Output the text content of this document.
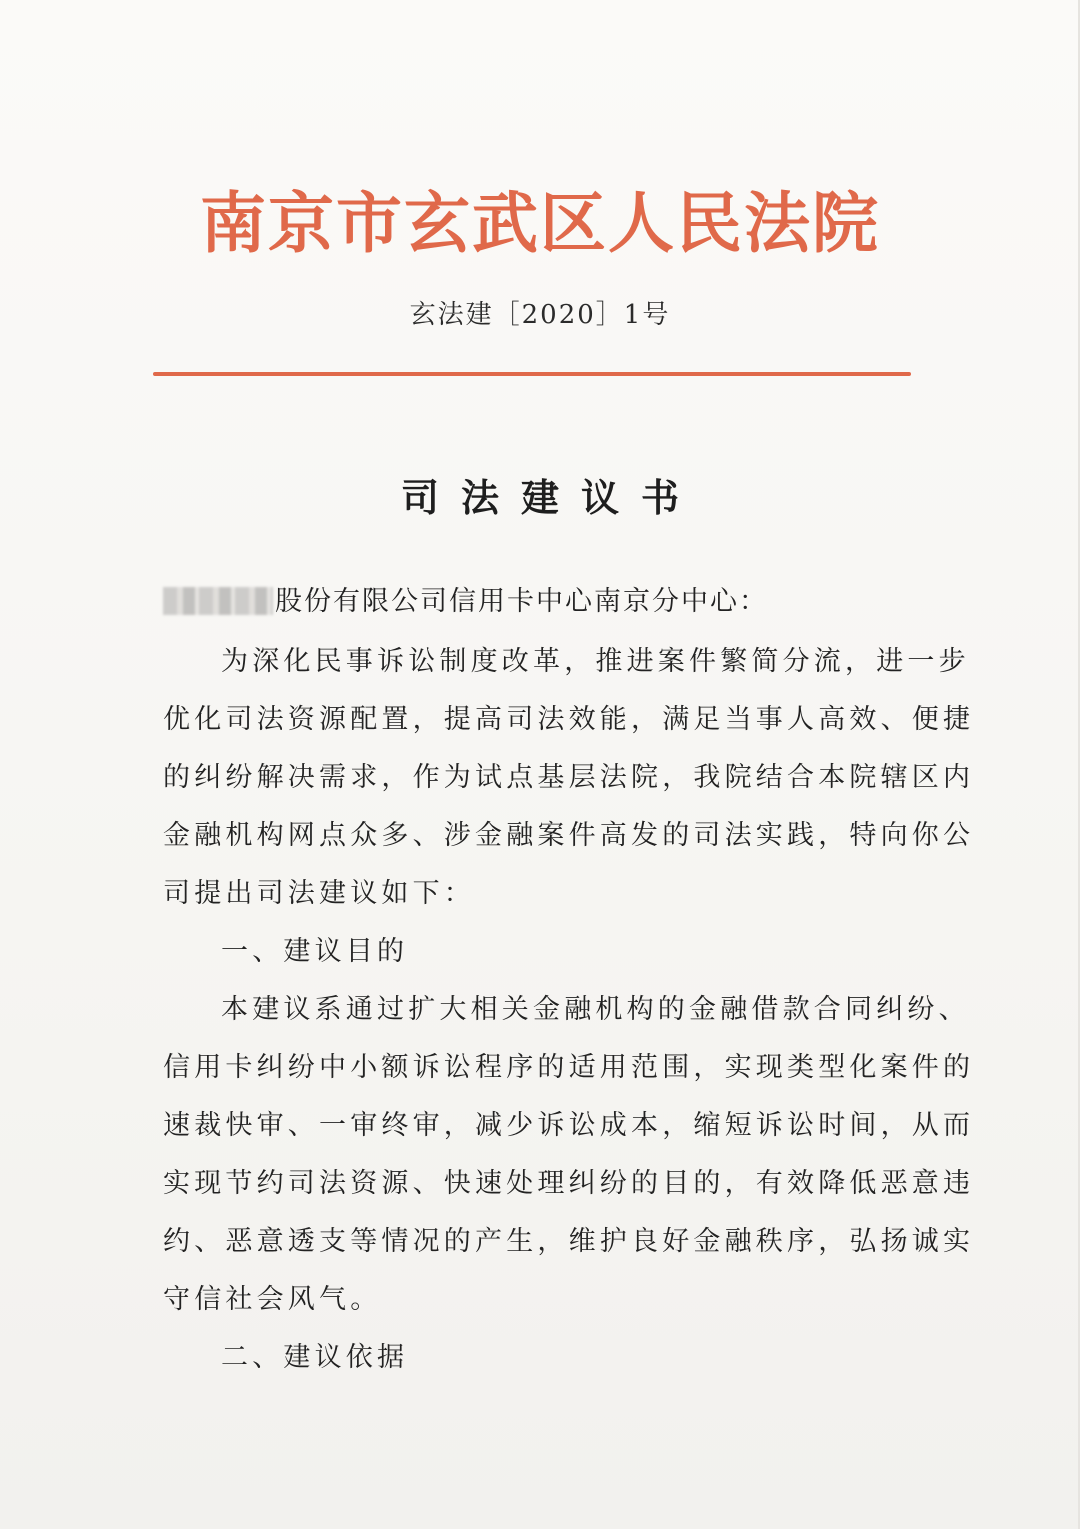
南京市玄武区人民法院
玄法建［2020］1号
司法建议书
股份有限公司信用卡中心南京分中心：
为深化民事诉讼制度改革，推进案件繁简分流，进一步
优化司法资源配置，提高司法效能，满足当事人高效、便捷
的纠纷解决需求，作为试点基层法院，我院结合本院辖区内
金融机构网点众多、涉金融案件高发的司法实践，特向你公
司提出司法建议如下：
一、建议目的
本建议系通过扩大相关金融机构的金融借款合同纠纷、
信用卡纠纷中小额诉讼程序的适用范围，实现类型化案件的
速裁快审、一审终审，减少诉讼成本，缩短诉讼时间，从而
实现节约司法资源、快速处理纠纷的目的，有效降低恶意违
约、恶意透支等情况的产生，维护良好金融秩序，弘扬诚实
守信社会风气。
二、建议依据
